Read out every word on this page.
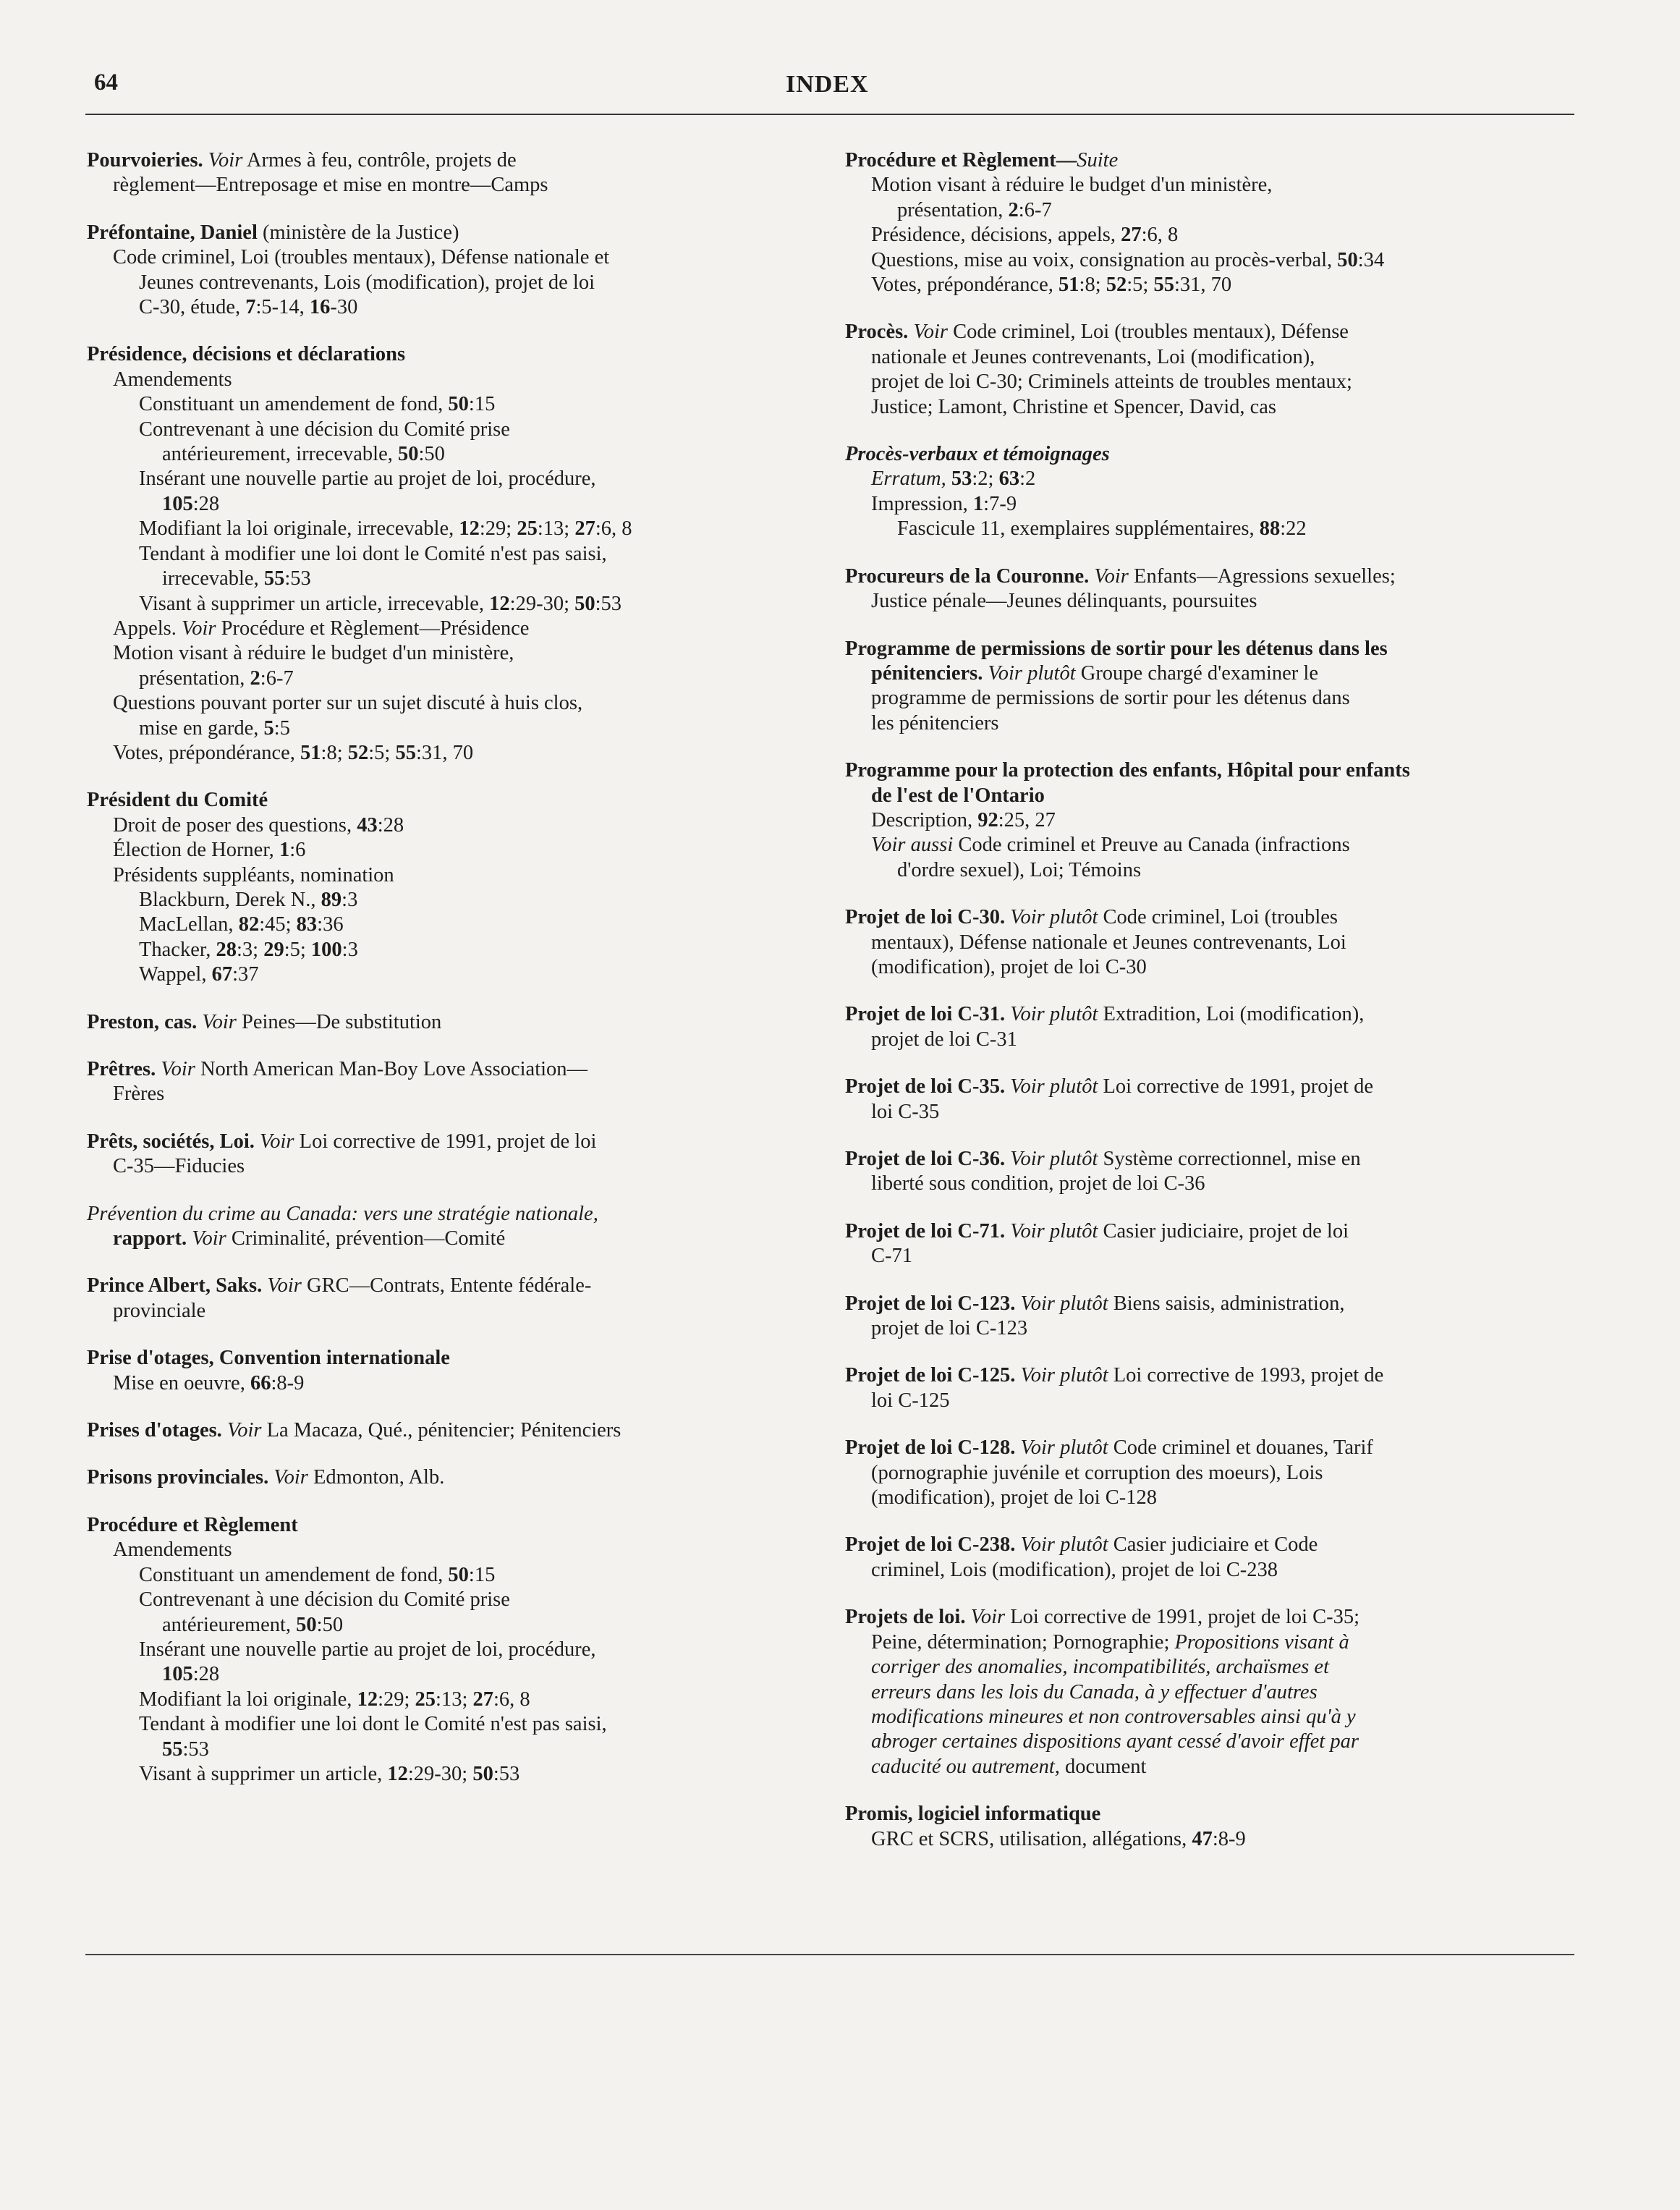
64	INDEX
Pourvoieries. Voir Armes à feu, contrôle, projets de
règlement—Entreposage et mise en montre—Camps
Préfontaine, Daniel (ministère de la Justice)
Code criminel, Loi (troubles mentaux), Défense nationale et
Jeunes contrevenants, Lois (modification), projet de loi
C-30, étude, 7:5-14, 16-30
Présidence, décisions et déclarations
Amendements
Constituant un amendement de fond, 50:15
Contrevenant à une décision du Comité prise
antérieurement, irrecevable, 50:50
Insérant une nouvelle partie au projet de loi, procédure,
105:28
Modifiant la loi originale, irrecevable, 12:29; 25:13; 27:6, 8
Tendant à modifier une loi dont le Comité n'est pas saisi,
irrecevable, 55:53
Visant à supprimer un article, irrecevable, 12:29-30; 50:53
Appels. Voir Procédure et Règlement—Présidence
Motion visant à réduire le budget d'un ministère,
présentation, 2:6-7
Questions pouvant porter sur un sujet discuté à huis clos,
mise en garde, 5:5
Votes, prépondérance, 51:8; 52:5; 55:31, 70
Président du Comité
Droit de poser des questions, 43:28
Élection de Horner, 1:6
Présidents suppléants, nomination
Blackburn, Derek N., 89:3
MacLellan, 82:45; 83:36
Thacker, 28:3; 29:5; 100:3
Wappel, 67:37
Preston, cas. Voir Peines—De substitution
Prêtres. Voir North American Man-Boy Love Association—
Frères
Prêts, sociétés, Loi. Voir Loi corrective de 1991, projet de loi
C-35—Fiducies
Prévention du crime au Canada: vers une stratégie nationale,
rapport. Voir Criminalité, prévention—Comité
Prince Albert, Saks. Voir GRC—Contrats, Entente fédérale-
provinciale
Prise d'otages, Convention internationale
Mise en oeuvre, 66:8-9
Prises d'otages. Voir La Macaza, Qué., pénitencier; Pénitenciers
Prisons provinciales. Voir Edmonton, Alb.
Procédure et Règlement
Amendements
Constituant un amendement de fond, 50:15
Contrevenant à une décision du Comité prise
antérieurement, 50:50
Insérant une nouvelle partie au projet de loi, procédure,
105:28
Modifiant la loi originale, 12:29; 25:13; 27:6, 8
Tendant à modifier une loi dont le Comité n'est pas saisi,
55:53
Visant à supprimer un article, 12:29-30; 50:53
Procédure et Règlement—Suite
Motion visant à réduire le budget d'un ministère,
présentation, 2:6-7
Présidence, décisions, appels, 27:6, 8
Questions, mise au voix, consignation au procès-verbal, 50:34
Votes, prépondérance, 51:8; 52:5; 55:31, 70
Procès. Voir Code criminel, Loi (troubles mentaux), Défense
nationale et Jeunes contrevenants, Loi (modification),
projet de loi C-30; Criminels atteints de troubles mentaux;
Justice; Lamont, Christine et Spencer, David, cas
Procès-verbaux et témoignages
Erratum, 53:2; 63:2
Impression, 1:7-9
Fascicule 11, exemplaires supplémentaires, 88:22
Procureurs de la Couronne. Voir Enfants—Agressions sexuelles;
Justice pénale—Jeunes délinquants, poursuites
Programme de permissions de sortir pour les détenus dans les
pénitenciers. Voir plutôt Groupe chargé d'examiner le
programme de permissions de sortir pour les détenus dans
les pénitenciers
Programme pour la protection des enfants, Hôpital pour enfants
de l'est de l'Ontario
Description, 92:25, 27
Voir aussi Code criminel et Preuve au Canada (infractions
d'ordre sexuel), Loi; Témoins
Projet de loi C-30. Voir plutôt Code criminel, Loi (troubles
mentaux), Défense nationale et Jeunes contrevenants, Loi
(modification), projet de loi C-30
Projet de loi C-31. Voir plutôt Extradition, Loi (modification),
projet de loi C-31
Projet de loi C-35. Voir plutôt Loi corrective de 1991, projet de
loi C-35
Projet de loi C-36. Voir plutôt Système correctionnel, mise en
liberté sous condition, projet de loi C-36
Projet de loi C-71. Voir plutôt Casier judiciaire, projet de loi
C-71
Projet de loi C-123. Voir plutôt Biens saisis, administration,
projet de loi C-123
Projet de loi C-125. Voir plutôt Loi corrective de 1993, projet de
loi C-125
Projet de loi C-128. Voir plutôt Code criminel et douanes, Tarif
(pornographie juvénile et corruption des moeurs), Lois
(modification), projet de loi C-128
Projet de loi C-238. Voir plutôt Casier judiciaire et Code
criminel, Lois (modification), projet de loi C-238
Projets de loi. Voir Loi corrective de 1991, projet de loi C-35;
Peine, détermination; Pornographie; Propositions visant à
corriger des anomalies, incompatibilités, archaïsmes et
erreurs dans les lois du Canada, à y effectuer d'autres
modifications mineures et non controversables ainsi qu'à y
abroger certaines dispositions ayant cessé d'avoir effet par
caducité ou autrement, document
Promis, logiciel informatique
GRC et SCRS, utilisation, allégations, 47:8-9
